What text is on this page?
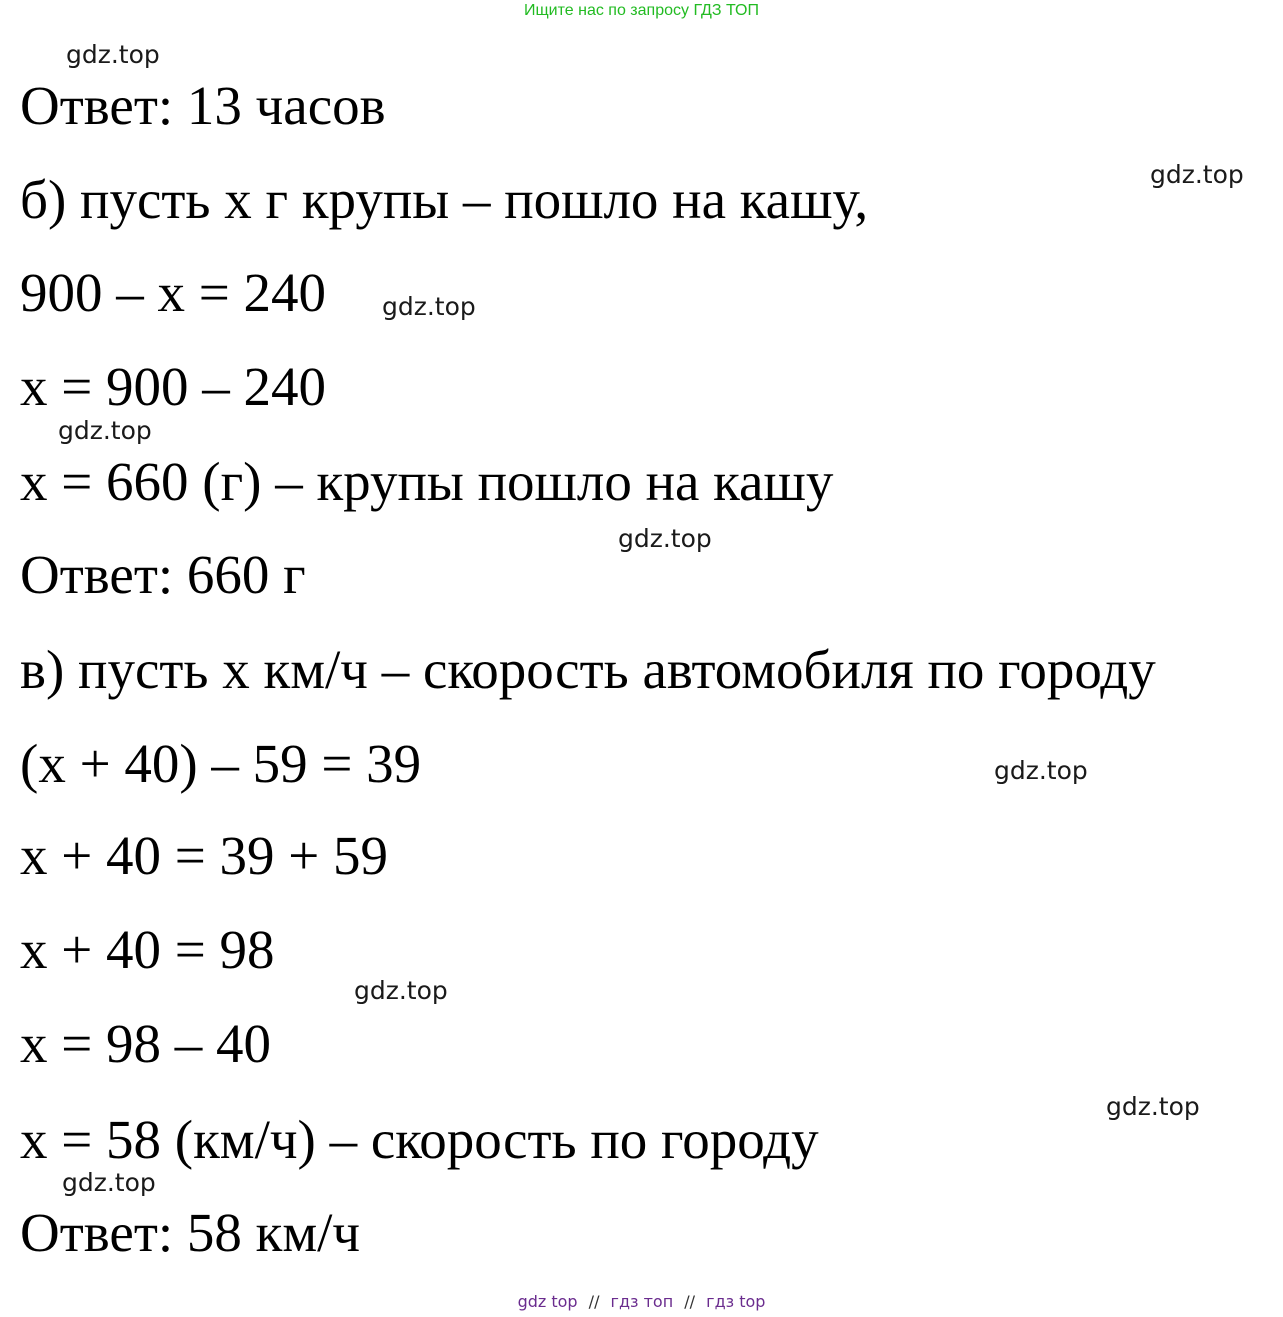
Ищите нас по запросу ГДЗ ТОП
Ответ: 13 часов
б) пусть x г крупы – пошло на кашу,
900 – x = 240
x = 900 – 240
x = 660 (г) – крупы пошло на кашу
Ответ: 660 г
в) пусть x км/ч – скорость автомобиля по городу
(x + 40) – 59 = 39
x + 40 = 39 + 59
x + 40 = 98
x = 98 – 40
x = 58 (км/ч) – скорость по городу
Ответ: 58 км/ч
gdz.top
gdz.top
gdz.top
gdz.top
gdz.top
gdz.top
gdz.top
gdz.top
gdz.top
gdz top // гдз топ // гдз top
